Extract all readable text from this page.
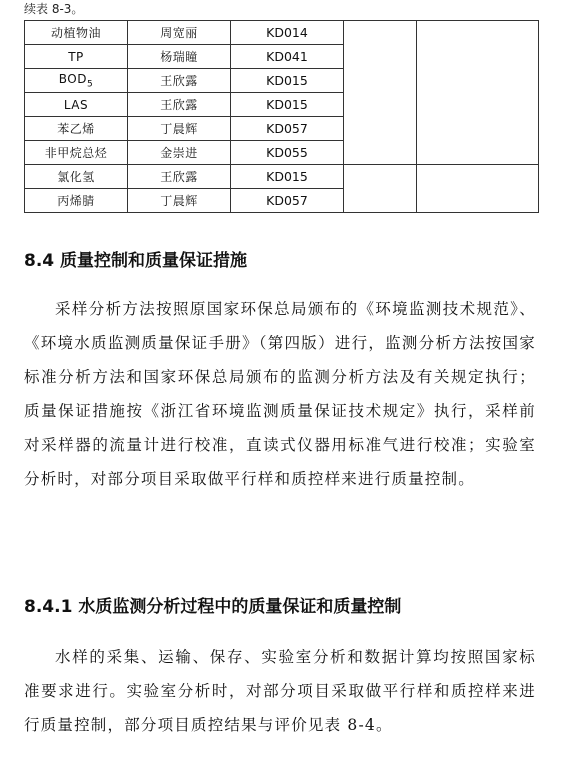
续表 8-3。
动植物油	周宽丽	KD014		
TP	杨瑞瞳	KD041		
$BOD_5$	王欣露	KD015		
LAS	王欣露	KD015		
苯乙烯	丁晨辉	KD057		
非甲烷总烃	金崇进	KD055		
氯化氢	王欣露	KD015		
丙烯腈	丁晨辉	KD057		
8.4 质量控制和质量保证措施
采样分析方法按照原国家环保总局颁布的《环境监测技术规范》、《环境水质监测质量保证手册》（第四版）进行，监测分析方法按国家标准分析方法和国家环保总局颁布的监测分析方法及有关规定执行；质量保证措施按《浙江省环境监测质量保证技术规定》执行，采样前对采样器的流量计进行校准，直读式仪器用标准气进行校准；实验室分析时，对部分项目采取做平行样和质控样来进行质量控制。
8.4.1 水质监测分析过程中的质量保证和质量控制
水样的采集、运输、保存、实验室分析和数据计算均按照国家标准要求进行。实验室分析时，对部分项目采取做平行样和质控样来进行质量控制，部分项目质控结果与评价见表 8-4。
